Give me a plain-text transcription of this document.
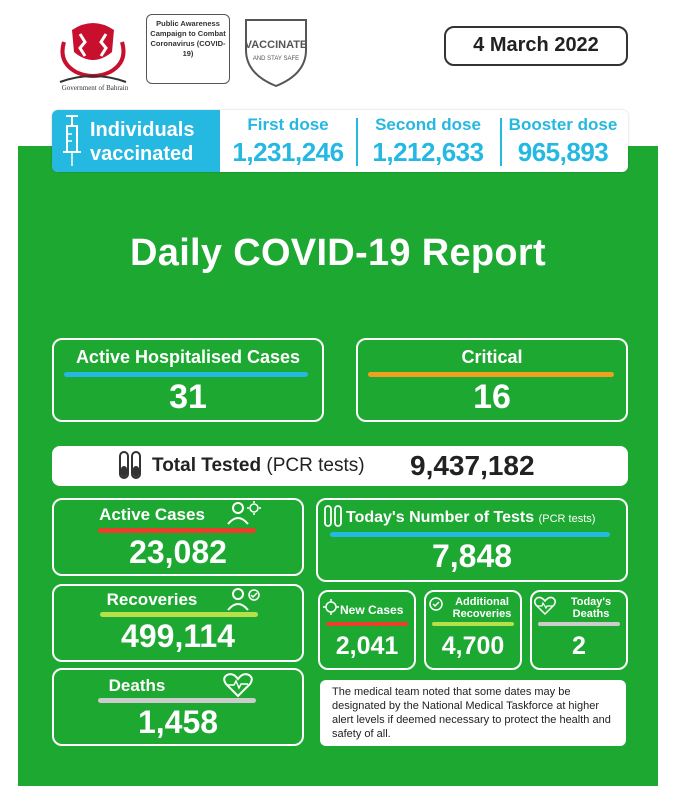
Government of Bahrain
Public Awareness Campaign to Combat Coronavirus (COVID-19)
VACCINATE
AND STAY SAFE
4 March 2022
Individuals vaccinated
First dose
1,231,246
Second dose
1,212,633
Booster dose
965,893
Daily COVID-19 Report
Active Hospitalised Cases
31
Critical
16
Total Tested (PCR tests) 9,437,182
Active Cases
23,082
Recoveries
499,114
Deaths
1,458
Today's Number of Tests (PCR tests)
7,848
New Cases
2,041
Additional Recoveries
4,700
Today's Deaths
2
The medical team noted that some dates may be designated by the National Medical Taskforce at higher alert levels if deemed necessary to protect the health and safety of all.
